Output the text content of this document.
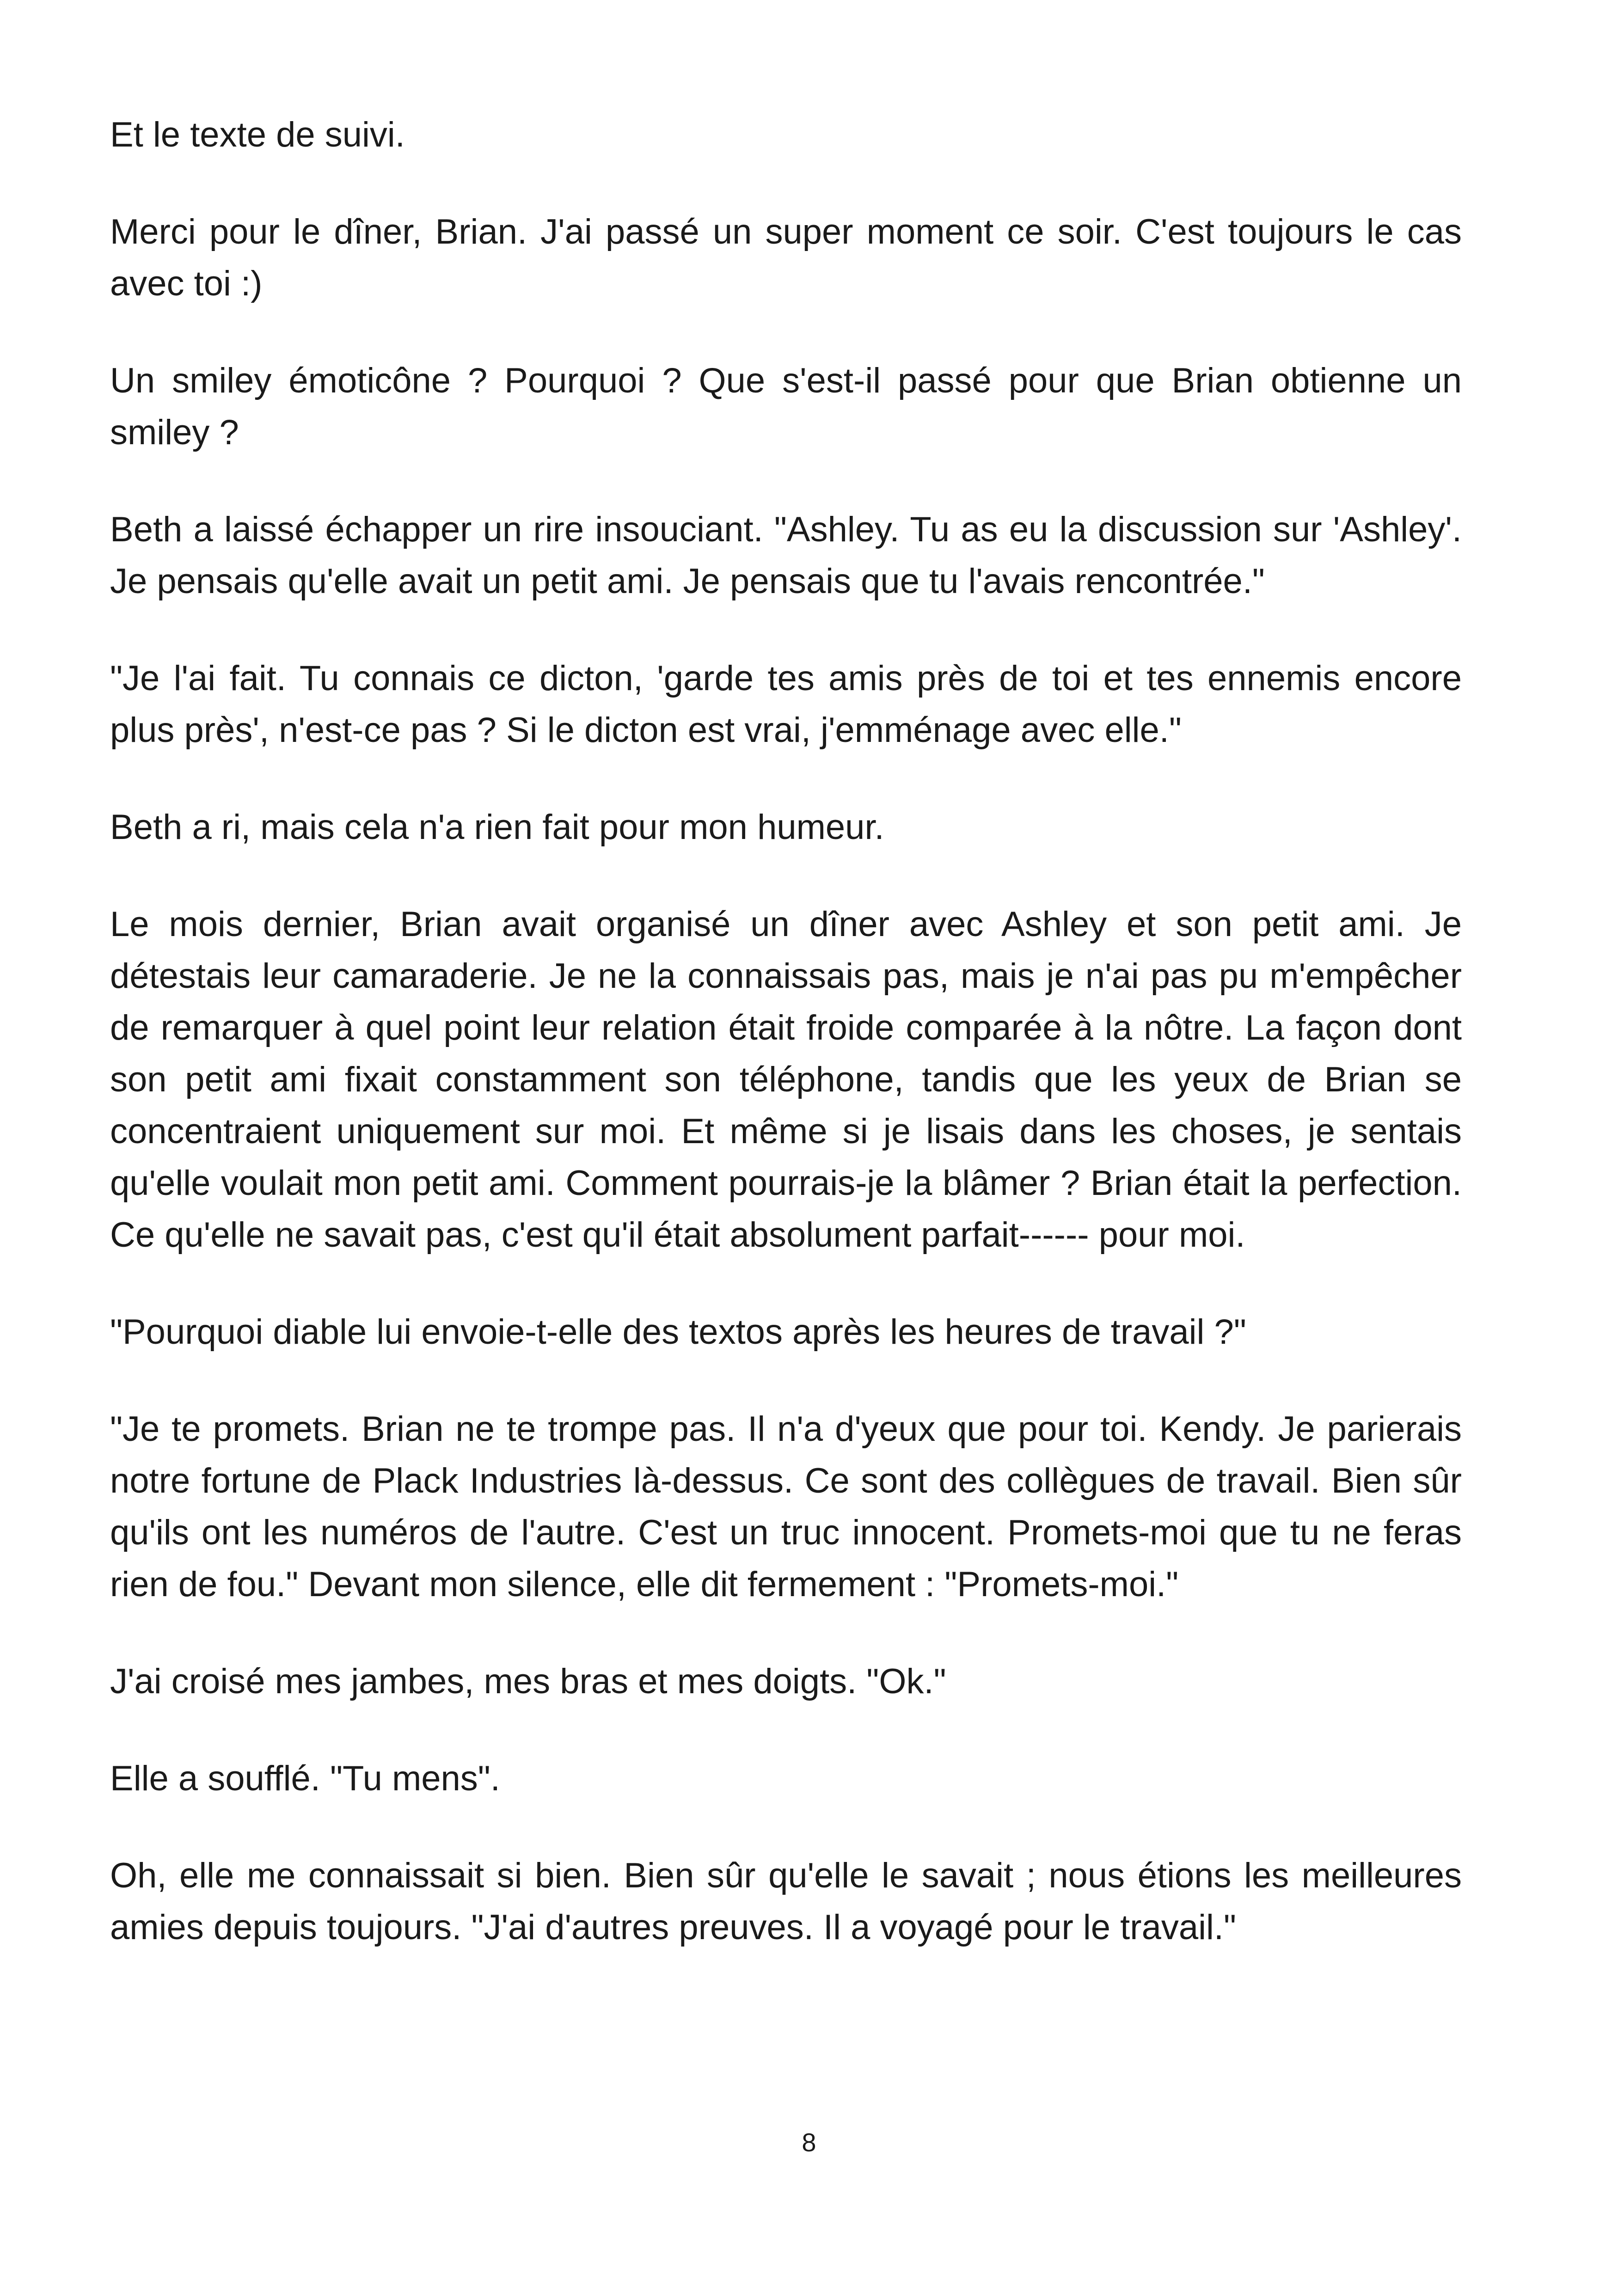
Et le texte de suivi.

Merci pour le dîner, Brian. J'ai passé un super moment ce soir. C'est toujours le cas avec toi :)

Un smiley émoticône ? Pourquoi ? Que s'est-il passé pour que Brian obtienne un smiley ?

Beth a laissé échapper un rire insouciant. "Ashley. Tu as eu la discussion sur 'Ashley'. Je pensais qu'elle avait un petit ami. Je pensais que tu l'avais rencontrée."

"Je l'ai fait. Tu connais ce dicton, 'garde tes amis près de toi et tes ennemis encore plus près', n'est-ce pas ? Si le dicton est vrai, j'emménage avec elle."

Beth a ri, mais cela n'a rien fait pour mon humeur.

Le mois dernier, Brian avait organisé un dîner avec Ashley et son petit ami. Je détestais leur camaraderie. Je ne la connaissais pas, mais je n'ai pas pu m'empêcher de remarquer à quel point leur relation était froide comparée à la nôtre. La façon dont son petit ami fixait constamment son téléphone, tandis que les yeux de Brian se concentraient uniquement sur moi. Et même si je lisais dans les choses, je sentais qu'elle voulait mon petit ami. Comment pourrais-je la blâmer ? Brian était la perfection. Ce qu'elle ne savait pas, c'est qu'il était absolument parfait------ pour moi.

"Pourquoi diable lui envoie-t-elle des textos après les heures de travail ?"

"Je te promets. Brian ne te trompe pas. Il n'a d'yeux que pour toi. Kendy. Je parierais notre fortune de Plack Industries là-dessus. Ce sont des collègues de travail. Bien sûr qu'ils ont les numéros de l'autre. C'est un truc innocent. Promets-moi que tu ne feras rien de fou." Devant mon silence, elle dit fermement : "Promets-moi."

J'ai croisé mes jambes, mes bras et mes doigts. "Ok."

Elle a soufflé. "Tu mens".

Oh, elle me connaissait si bien. Bien sûr qu'elle le savait ; nous étions les meilleures amies depuis toujours. "J'ai d'autres preuves. Il a voyagé pour le travail."

8
